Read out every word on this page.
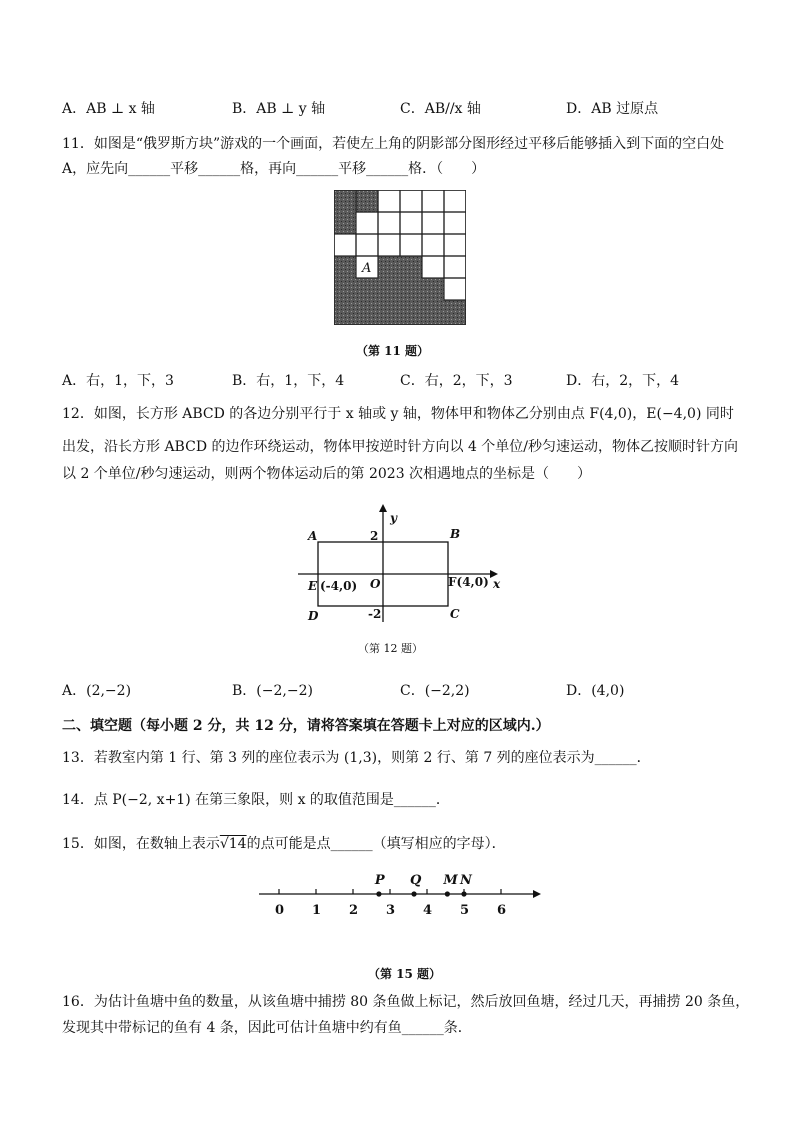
A．AB ⊥ x 轴	B．AB ⊥ y 轴	C．AB//x 轴	D．AB 过原点
11．如图是“俄罗斯方块”游戏的一个画面，若使左上角的阴影部分图形经过平移后能够插入到下面的空白处
A，应先向______平移______格，再向______平移______格．（　　）
A
（第 11 题）
A．右，1，下，3	B．右，1，下，4	C．右，2，下，3	D．右，2，下，4
12．如图，长方形 ABCD 的各边分别平行于 x 轴或 y 轴，物体甲和物体乙分别由点 F(4,0)，E(−4,0) 同时
出发，沿长方形 ABCD 的边作环绕运动，物体甲按逆时针方向以 4 个单位/秒匀速运动，物体乙按顺时针方向
以 2 个单位/秒匀速运动，则两个物体运动后的第 2023 次相遇地点的坐标是（　　）
A	B
C
D
E	O
y
x
2
-2
(-4,0)	F(4,0)
（第 12 题）
A．(2,−2)	B．(−2,−2)	C．(−2,2)	D．(4,0)
二、填空题（每小题 2 分，共 12 分，请将答案填在答题卡上对应的区域内.）
13．若教室内第 1 行、第 3 列的座位表示为 (1,3)，则第 2 行、第 7 列的座位表示为______．
14．点 P(−2, x+1) 在第三象限，则 x 的取值范围是______．
15．如图，在数轴上表示√14的点可能是点______（填写相应的字母）．
0 1 2 3 4 5 6
P Q M N
（第 15 题）
16．为估计鱼塘中鱼的数量，从该鱼塘中捕捞 80 条鱼做上标记，然后放回鱼塘，经过几天，再捕捞 20 条鱼，
发现其中带标记的鱼有 4 条，因此可估计鱼塘中约有鱼______条．
